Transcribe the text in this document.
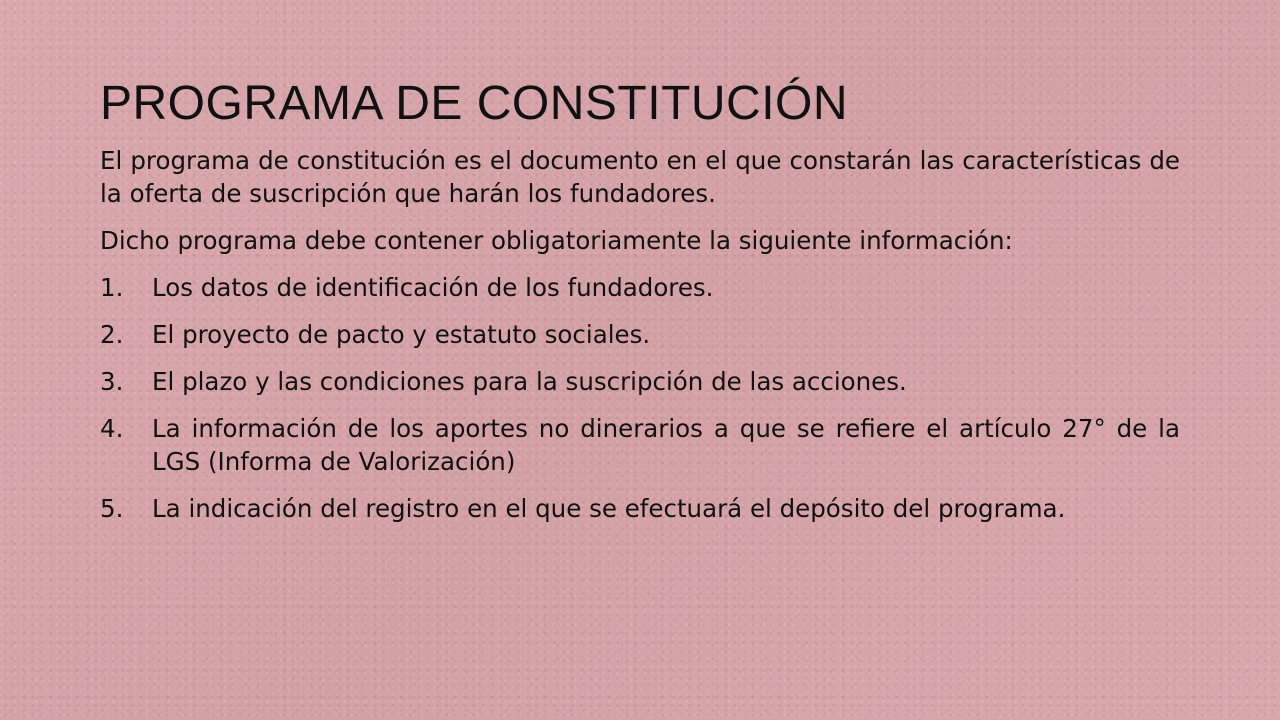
PROGRAMA DE CONSTITUCIÓN

El programa de constitución es el documento en el que constarán las características de la oferta de suscripción que harán los fundadores.

Dicho programa debe contener obligatoriamente la siguiente información:

1.	Los datos de identificación de los fundadores.
2.	El proyecto de pacto y estatuto sociales.
3.	El plazo y las condiciones para la suscripción de las acciones.
4.	La información de los aportes no dinerarios a que se refiere el artículo 27° de la LGS (Informa de Valorización)
5.	La indicación del registro en el que se efectuará el depósito del programa.
